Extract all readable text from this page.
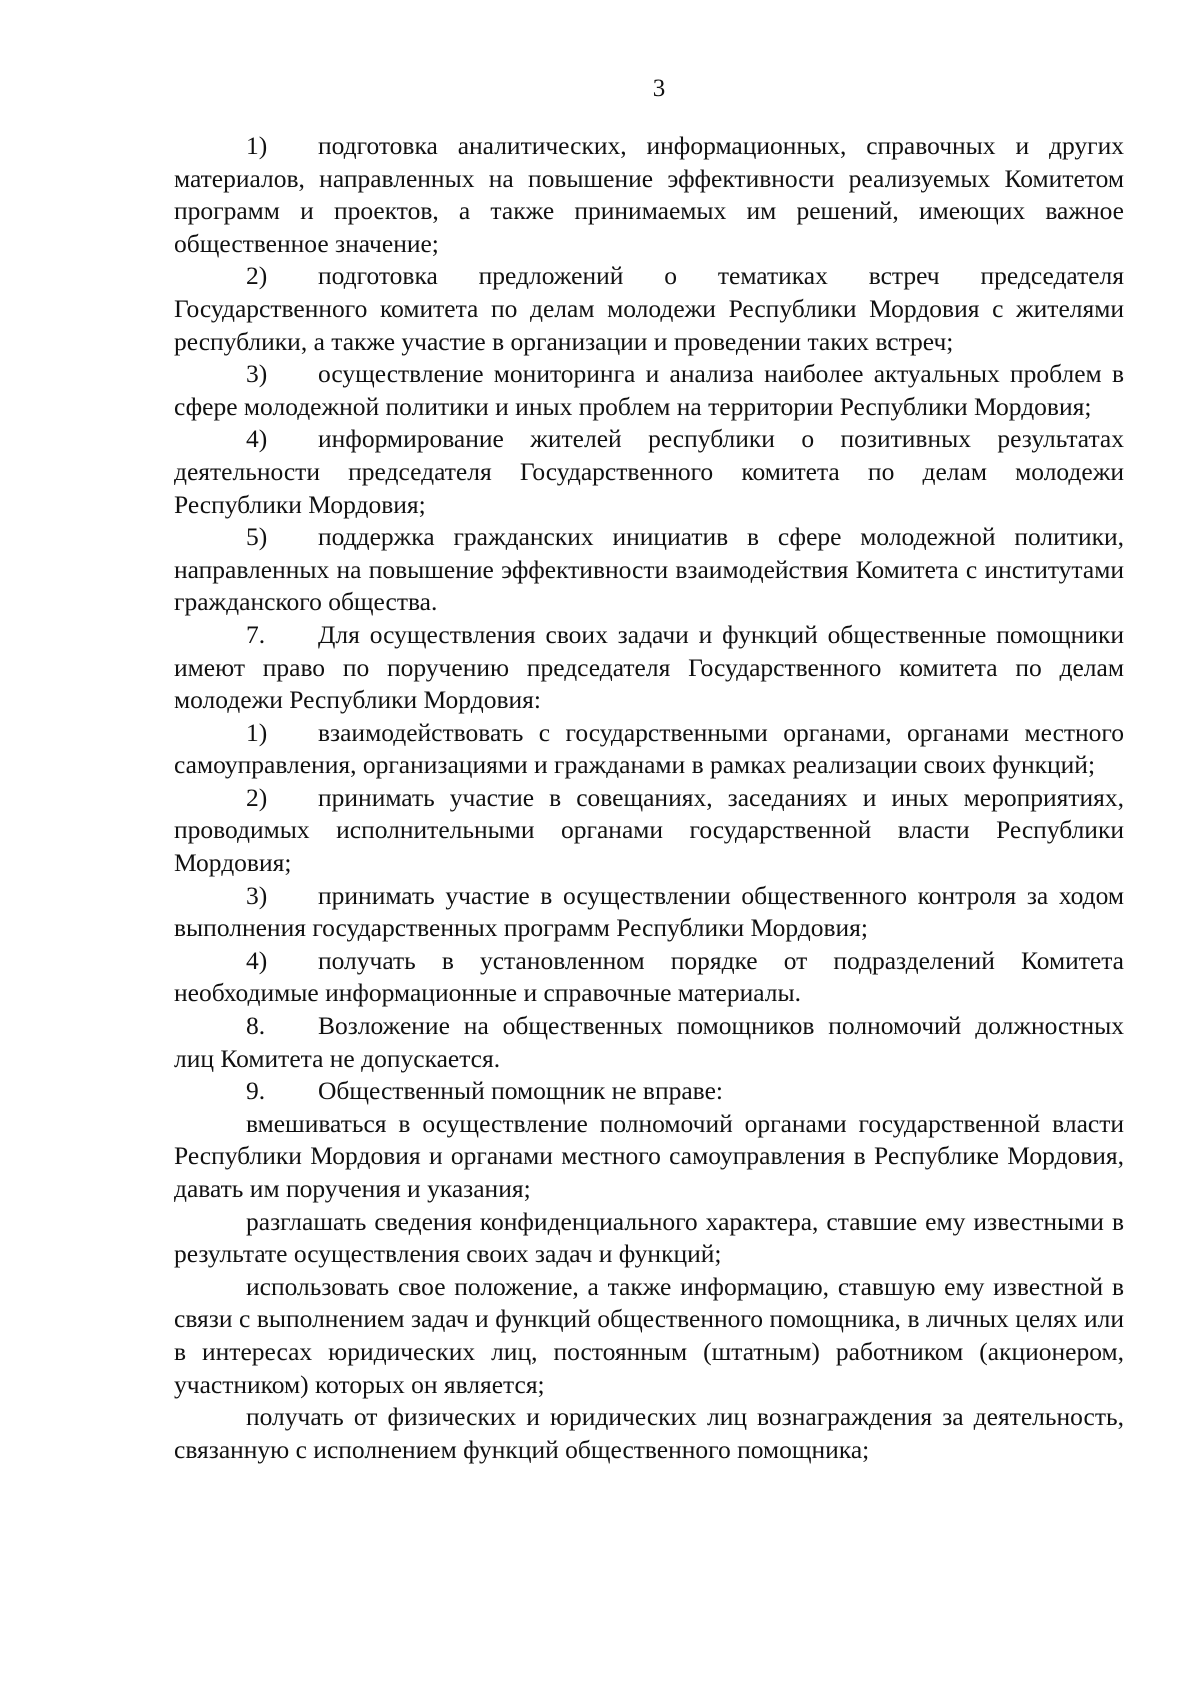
3

1) подготовка аналитических, информационных, справочных и других материалов, направленных на повышение эффективности реализуемых Комитетом программ и проектов, а также принимаемых им решений, имеющих важное общественное значение;

2) подготовка предложений о тематиках встреч председателя Государственного комитета по делам молодежи Республики Мордовия с жителями республики, а также участие в организации и проведении таких встреч;

3) осуществление мониторинга и анализа наиболее актуальных проблем в сфере молодежной политики и иных проблем на территории Республики Мордовия;

4) информирование жителей республики о позитивных результатах деятельности председателя Государственного комитета по делам молодежи Республики Мордовия;

5) поддержка гражданских инициатив в сфере молодежной политики, направленных на повышение эффективности взаимодействия Комитета с институтами гражданского общества.

7. Для осуществления своих задачи и функций общественные помощники имеют право по поручению председателя Государственного комитета по делам молодежи Республики Мордовия:

1) взаимодействовать с государственными органами, органами местного самоуправления, организациями и гражданами в рамках реализации своих функций;

2) принимать участие в совещаниях, заседаниях и иных мероприятиях, проводимых исполнительными органами государственной власти Республики Мордовия;

3) принимать участие в осуществлении общественного контроля за ходом выполнения государственных программ Республики Мордовия;

4) получать в установленном порядке от подразделений Комитета необходимые информационные и справочные материалы.

8. Возложение на общественных помощников полномочий должностных лиц Комитета не допускается.

9. Общественный помощник не вправе:

вмешиваться в осуществление полномочий органами государственной власти Республики Мордовия и органами местного самоуправления в Республике Мордовия, давать им поручения и указания;

разглашать сведения конфиденциального характера, ставшие ему известными в результате осуществления своих задач и функций;

использовать свое положение, а также информацию, ставшую ему известной в связи с выполнением задач и функций общественного помощника, в личных целях или в интересах юридических лиц, постоянным (штатным) работником (акционером, участником) которых он является;

получать от физических и юридических лиц вознаграждения за деятельность, связанную с исполнением функций общественного помощника;
